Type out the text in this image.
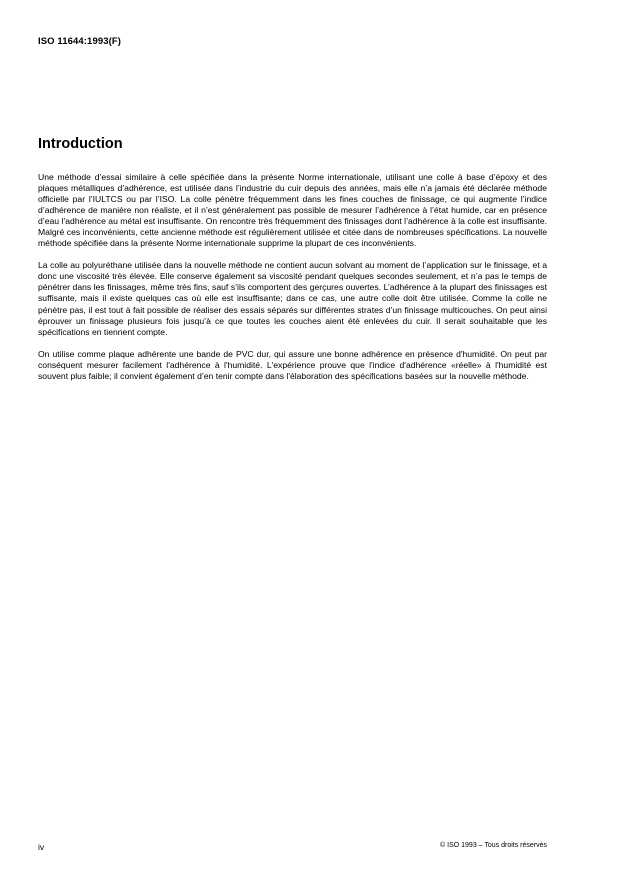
ISO 11644:1993(F)
Introduction

Une méthode d’essai similaire à celle spécifiée dans la présente Norme internationale, utilisant une colle à base d’époxy et des plaques métalliques d’adhérence, est utilisée dans l’industrie du cuir depuis des années, mais elle n’a jamais été déclarée méthode officielle par l’IULTCS ou par l’ISO. La colle pénètre fréquemment dans les fines couches de finissage, ce qui augmente l’indice d’adhérence de manière non réaliste, et il n’est généralement pas possible de mesurer l’adhérence à l’état humide, car en présence d’eau l’adhérence au métal est insuffisante. On rencontre très fréquemment des finissages dont l’adhérence à la colle est insuffisante. Malgré ces inconvénients, cette ancienne méthode est régulièrement utilisée et citée dans de nombreuses spécifications. La nouvelle méthode spécifiée dans la présente Norme internationale supprime la plupart de ces inconvénients.

La colle au polyuréthane utilisée dans la nouvelle méthode ne contient aucun solvant au moment de l’application sur le finissage, et a donc une viscosité très élevée. Elle conserve également sa viscosité pendant quelques secondes seulement, et n’a pas le temps de pénétrer dans les finissages, même très fins, sauf s’ils comportent des gerçures ouvertes. L’adhérence à la plupart des finissages est suffisante, mais il existe quelques cas où elle est insuffisante; dans ce cas, une autre colle doit être utilisée. Comme la colle ne pénètre pas, il est tout à fait possible de réaliser des essais séparés sur différentes strates d’un finissage multicouches. On peut ainsi éprouver un finissage plusieurs fois jusqu’à ce que toutes les couches aient été enlevées du cuir. Il serait souhaitable que les spécifications en tiennent compte.

On utilise comme plaque adhérente une bande de PVC dur, qui assure une bonne adhérence en présence d'humidité. On peut par conséquent mesurer facilement l'adhérence à l'humidité. L'expérience prouve que l'indice d'adhérence «réelle» à l'humidité est souvent plus faible; il convient également d’en tenir compte dans l'élaboration des spécifications basées sur la nouvelle méthode.

iv	© ISO 1993 – Tous droits réservés
